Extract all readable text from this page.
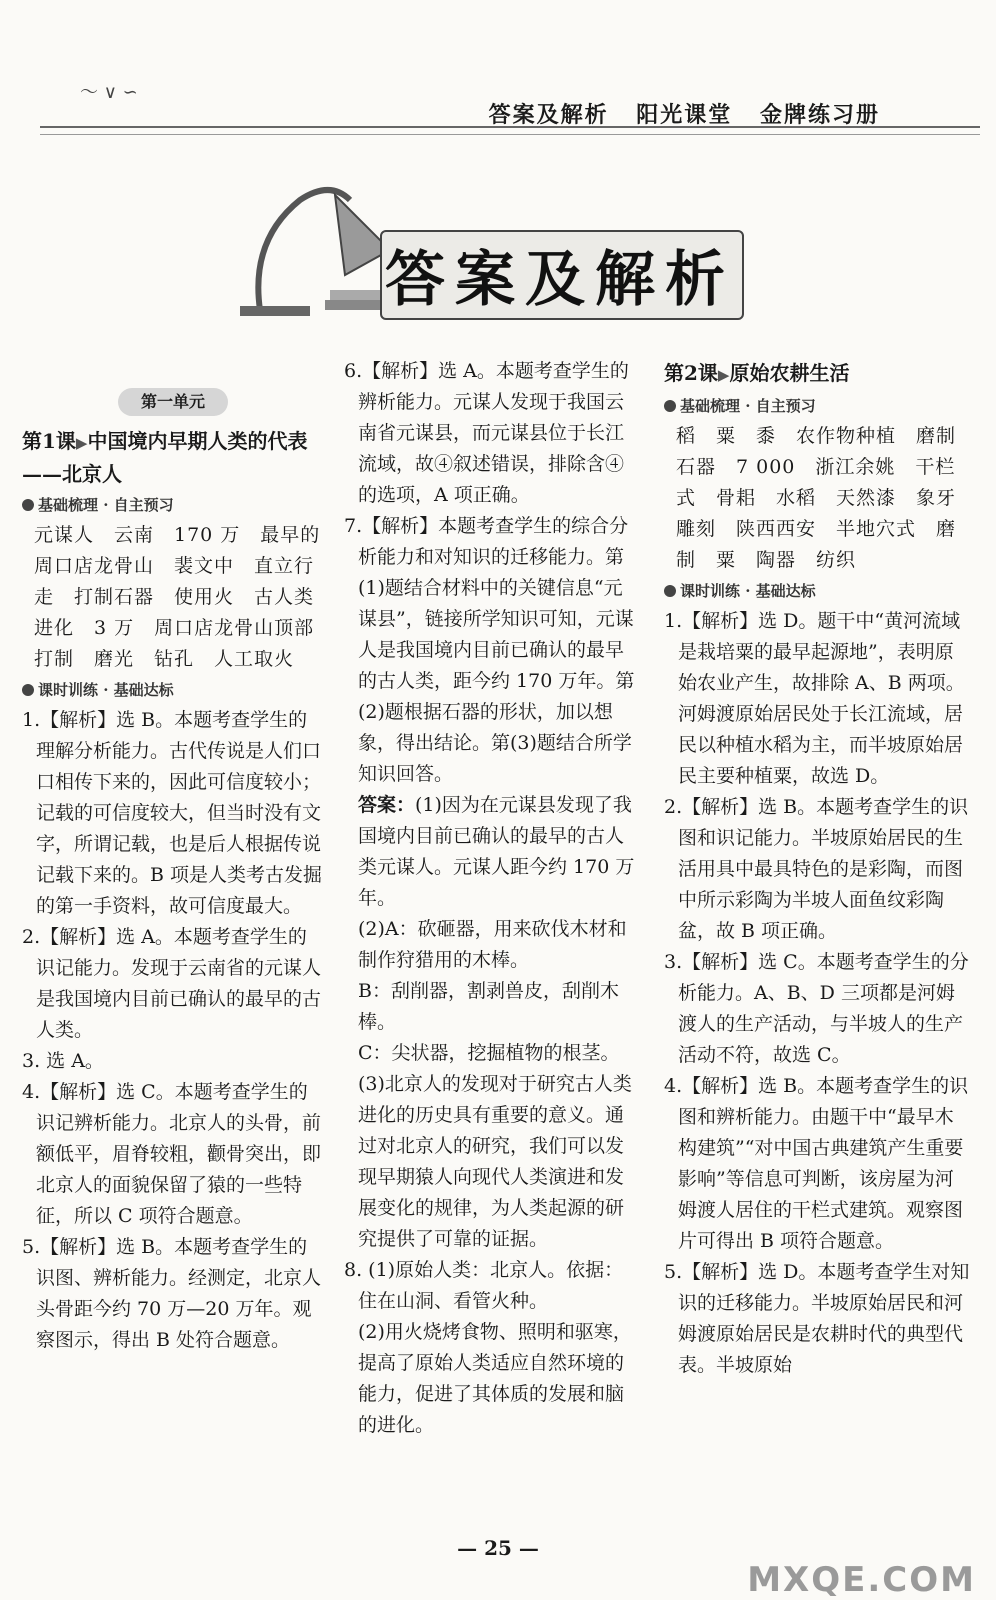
〜 ∨ ∽
答案及解析 阳光课堂 金牌练习册
答案及解析
第一单元
第1课▶中国境内早期人类的代表——北京人
基础梳理 · 自主预习

元谋人　云南　170 万　最早的　周口店龙骨山　裴文中　直立行走　打制石器　使用火　古人类进化　3 万　周口店龙骨山顶部　打制　磨光　钻孔　人工取火

课时训练 · 基础达标

1.【解析】选 B。本题考查学生的理解分析能力。古代传说是人们口口相传下来的，因此可信度较小；记载的可信度较大，但当时没有文字，所谓记载，也是后人根据传说记载下来的。B 项是人类考古发掘的第一手资料，故可信度最大。

2.【解析】选 A。本题考查学生的识记能力。发现于云南省的元谋人是我国境内目前已确认的最早的古人类。

3. 选 A。

4.【解析】选 C。本题考查学生的识记辨析能力。北京人的头骨，前额低平，眉脊较粗，颧骨突出，即北京人的面貌保留了猿的一些特征，所以 C 项符合题意。

5.【解析】选 B。本题考查学生的识图、辨析能力。经测定，北京人头骨距今约 70 万—20 万年。观察图示，得出 B 处符合题意。

6.【解析】选 A。本题考查学生的辨析能力。元谋人发现于我国云南省元谋县，而元谋县位于长江流域，故④叙述错误，排除含④的选项，A 项正确。

7.【解析】本题考查学生的综合分析能力和对知识的迁移能力。第(1)题结合材料中的关键信息“元谋县”，链接所学知识可知，元谋人是我国境内目前已确认的最早的古人类，距今约 170 万年。第(2)题根据石器的形状，加以想象，得出结论。第(3)题结合所学知识回答。

答案：(1)因为在元谋县发现了我国境内目前已确认的最早的古人类元谋人。元谋人距今约 170 万年。

(2)A：砍砸器，用来砍伐木材和制作狩猎用的木棒。

B：刮削器，割剥兽皮，刮削木棒。

C：尖状器，挖掘植物的根茎。

(3)北京人的发现对于研究古人类进化的历史具有重要的意义。通过对北京人的研究，我们可以发现早期猿人向现代人类演进和发展变化的规律，为人类起源的研究提供了可靠的证据。

8. (1)原始人类：北京人。依据：住在山洞、看管火种。

(2)用火烧烤食物、照明和驱寒，提高了原始人类适应自然环境的能力，促进了其体质的发展和脑的进化。

第2课▶原始农耕生活
基础梳理 · 自主预习

稻　粟　黍　农作物种植　磨制石器　7 000　浙江余姚　干栏式　骨耜　水稻　天然漆　象牙雕刻　陕西西安　半地穴式　磨制　粟　陶器　纺织

课时训练 · 基础达标

1.【解析】选 D。题干中“黄河流域是栽培粟的最早起源地”，表明原始农业产生，故排除 A、B 两项。河姆渡原始居民处于长江流域，居民以种植水稻为主，而半坡原始居民主要种植粟，故选 D。

2.【解析】选 B。本题考查学生的识图和识记能力。半坡原始居民的生活用具中最具特色的是彩陶，而图中所示彩陶为半坡人面鱼纹彩陶盆，故 B 项正确。

3.【解析】选 C。本题考查学生的分析能力。A、B、D 三项都是河姆渡人的生产活动，与半坡人的生产活动不符，故选 C。

4.【解析】选 B。本题考查学生的识图和辨析能力。由题干中“最早木构建筑”“对中国古典建筑产生重要影响”等信息可判断，该房屋为河姆渡人居住的干栏式建筑。观察图片可得出 B 项符合题意。

5.【解析】选 D。本题考查学生对知识的迁移能力。半坡原始居民和河姆渡原始居民是农耕时代的典型代表。半坡原始

— 25 —
MXQE.COM
